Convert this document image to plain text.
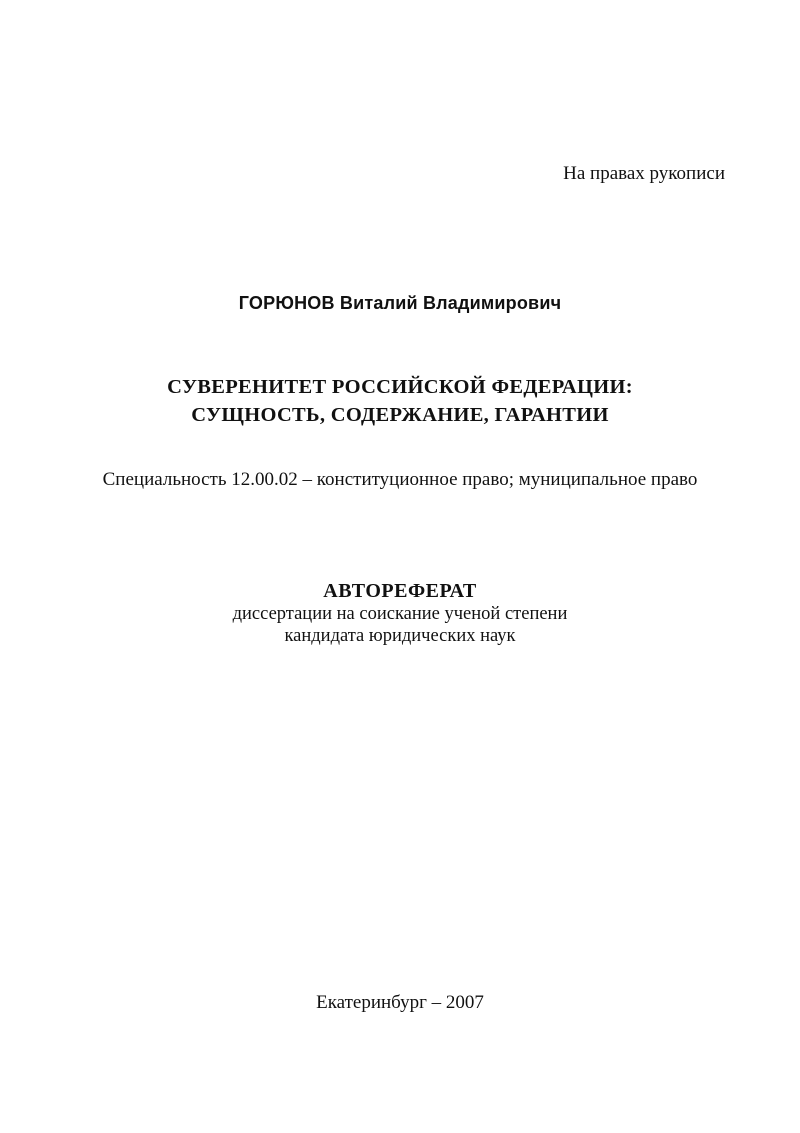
На правах рукописи
ГОРЮНОВ Виталий Владимирович
СУВЕРЕНИТЕТ РОССИЙСКОЙ ФЕДЕРАЦИИ:
СУЩНОСТЬ, СОДЕРЖАНИЕ, ГАРАНТИИ
Специальность 12.00.02 – конституционное право; муниципальное право
АВТОРЕФЕРАТ
диссертации на соискание ученой степени
кандидата юридических наук
Екатеринбург – 2007
